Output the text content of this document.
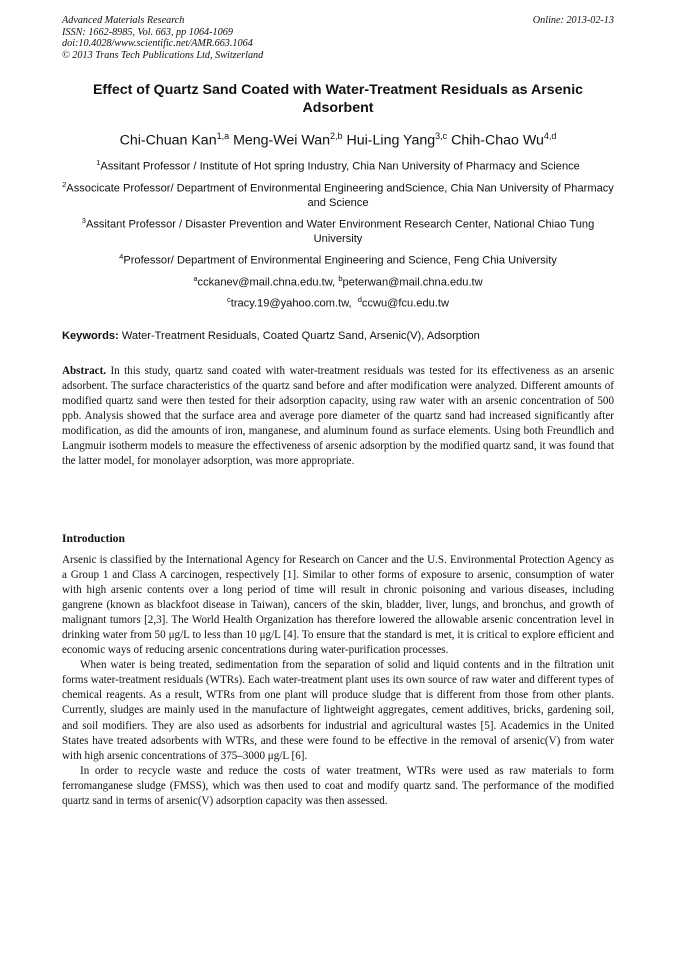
Advanced Materials Research
ISSN: 1662-8985, Vol. 663, pp 1064-1069
doi:10.4028/www.scientific.net/AMR.663.1064
© 2013 Trans Tech Publications Ltd, Switzerland
Online: 2013-02-13
Effect of Quartz Sand Coated with Water-Treatment Residuals as Arsenic Adsorbent
Chi-Chuan Kan$^{1,a}$ Meng-Wei Wan$^{2,b}$ Hui-Ling Yang$^{3,c}$ Chih-Chao Wu$^{4,d}$
$^1$Assitant Professor / Institute of Hot spring Industry, Chia Nan University of Pharmacy and Science
$^2$Associcate Professor/ Department of Environmental Engineering andScience, Chia Nan University of Pharmacy and Science
$^3$Assitant Professor / Disaster Prevention and Water Environment Research Center, National Chiao Tung University
$^4$Professor/ Department of Environmental Engineering and Science, Feng Chia University
$^a$cckanev@mail.chna.edu.tw, $^b$peterwan@mail.chna.edu.tw
$^c$tracy.19@yahoo.com.tw, $^d$ccwu@fcu.edu.tw
Keywords: Water-Treatment Residuals, Coated Quartz Sand, Arsenic(V), Adsorption

Abstract. In this study, quartz sand coated with water-treatment residuals was tested for its effectiveness as an arsenic adsorbent. The surface characteristics of the quartz sand before and after modification were analyzed. Different amounts of modified quartz sand were then tested for their adsorption capacity, using raw water with an arsenic concentration of 500 ppb. Analysis showed that the surface area and average pore diameter of the quartz sand had increased significantly after modification, as did the amounts of iron, manganese, and aluminum found as surface elements. Using both Freundlich and Langmuir isotherm models to measure the effectiveness of arsenic adsorption by the modified quartz sand, it was found that the latter model, for monolayer adsorption, was more appropriate.

Introduction

Arsenic is classified by the International Agency for Research on Cancer and the U.S. Environmental Protection Agency as a Group 1 and Class A carcinogen, respectively [1]. Similar to other forms of exposure to arsenic, consumption of water with high arsenic contents over a long period of time will result in chronic poisoning and various diseases, including gangrene (known as blackfoot disease in Taiwan), cancers of the skin, bladder, liver, lungs, and bronchus, and growth of malignant tumors [2,3]. The World Health Organization has therefore lowered the allowable arsenic concentration level in drinking water from 50 μg/L to less than 10 μg/L [4]. To ensure that the standard is met, it is critical to explore efficient and economic ways of reducing arsenic concentrations during water-purification processes.

When water is being treated, sedimentation from the separation of solid and liquid contents and in the filtration unit forms water-treatment residuals (WTRs). Each water-treatment plant uses its own source of raw water and different types of chemical reagents. As a result, WTRs from one plant will produce sludge that is different from those from other plants. Currently, sludges are mainly used in the manufacture of lightweight aggregates, cement additives, bricks, gardening soil, and soil modifiers. They are also used as adsorbents for industrial and agricultural wastes [5]. Academics in the United States have treated adsorbents with WTRs, and these were found to be effective in the removal of arsenic(V) from water with high arsenic concentrations of 375–3000 μg/L [6].

In order to recycle waste and reduce the costs of water treatment, WTRs were used as raw materials to form ferromanganese sludge (FMSS), which was then used to coat and modify quartz sand. The performance of the modified quartz sand in terms of arsenic(V) adsorption capacity was then assessed.
